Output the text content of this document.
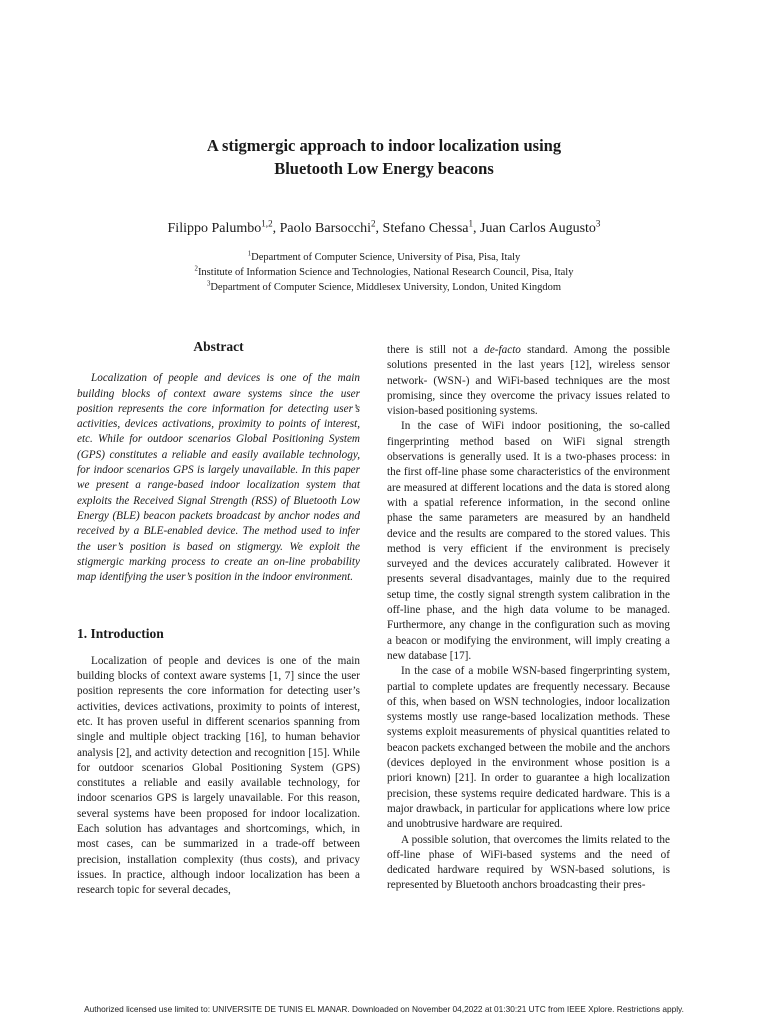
A stigmergic approach to indoor localization using
Bluetooth Low Energy beacons
Filippo Palumbo$^{1,2}$, Paolo Barsocchi$^2$, Stefano Chessa$^1$, Juan Carlos Augusto$^3$
$^1$Department of Computer Science, University of Pisa, Pisa, Italy
$^2$Institute of Information Science and Technologies, National Research Council, Pisa, Italy
$^3$Department of Computer Science, Middlesex University, London, United Kingdom
Abstract

Localization of people and devices is one of the main building blocks of context aware systems since the user position represents the core information for detecting user’s activities, devices activations, proximity to points of interest, etc. While for outdoor scenarios Global Positioning System (GPS) constitutes a reliable and easily available technology, for indoor scenarios GPS is largely unavailable. In this paper we present a range-based indoor localization system that exploits the Received Signal Strength (RSS) of Bluetooth Low Energy (BLE) beacon packets broadcast by anchor nodes and received by a BLE-enabled device. The method used to infer the user’s position is based on stigmergy. We exploit the stigmergic marking process to create an on-line probability map identifying the user’s position in the indoor environment.

1. Introduction

Localization of people and devices is one of the main building blocks of context aware systems [1, 7] since the user position represents the core information for detecting user’s activities, devices activations, proximity to points of interest, etc. It has proven useful in different scenarios spanning from single and multiple object tracking [16], to human behavior analysis [2], and activity detection and recognition [15]. While for outdoor scenarios Global Positioning System (GPS) constitutes a reliable and easily available technology, for indoor scenarios GPS is largely unavailable. For this reason, several systems have been proposed for indoor localization. Each solution has advantages and shortcomings, which, in most cases, can be summarized in a trade-off between precision, installation complexity (thus costs), and privacy issues. In practice, although indoor localization has been a research topic for several decades,

there is still not a de-facto standard. Among the possible solutions presented in the last years [12], wireless sensor network- (WSN-) and WiFi-based techniques are the most promising, since they overcome the privacy issues related to vision-based positioning systems.

In the case of WiFi indoor positioning, the so-called fingerprinting method based on WiFi signal strength observations is generally used. It is a two-phases process: in the first off-line phase some characteristics of the environment are measured at different locations and the data is stored along with a spatial reference information, in the second online phase the same parameters are measured by an handheld device and the results are compared to the stored values. This method is very efficient if the environment is precisely surveyed and the devices accurately calibrated. However it presents several disadvantages, mainly due to the required setup time, the costly signal strength system calibration in the off-line phase, and the high data volume to be managed. Furthermore, any change in the configuration such as moving a beacon or modifying the environment, will imply creating a new database [17].

In the case of a mobile WSN-based fingerprinting system, partial to complete updates are frequently necessary. Because of this, when based on WSN technologies, indoor localization systems mostly use range-based localization methods. These systems exploit measurements of physical quantities related to beacon packets exchanged between the mobile and the anchors (devices deployed in the environment whose position is a priori known) [21]. In order to guarantee a high localization precision, these systems require dedicated hardware. This is a major drawback, in particular for applications where low price and unobtrusive hardware are required.

A possible solution, that overcomes the limits related to the off-line phase of WiFi-based systems and the need of dedicated hardware required by WSN-based solutions, is represented by Bluetooth anchors broadcasting their pres-

Authorized licensed use limited to: UNIVERSITE DE TUNIS EL MANAR. Downloaded on November 04,2022 at 01:30:21 UTC from IEEE Xplore. Restrictions apply.
